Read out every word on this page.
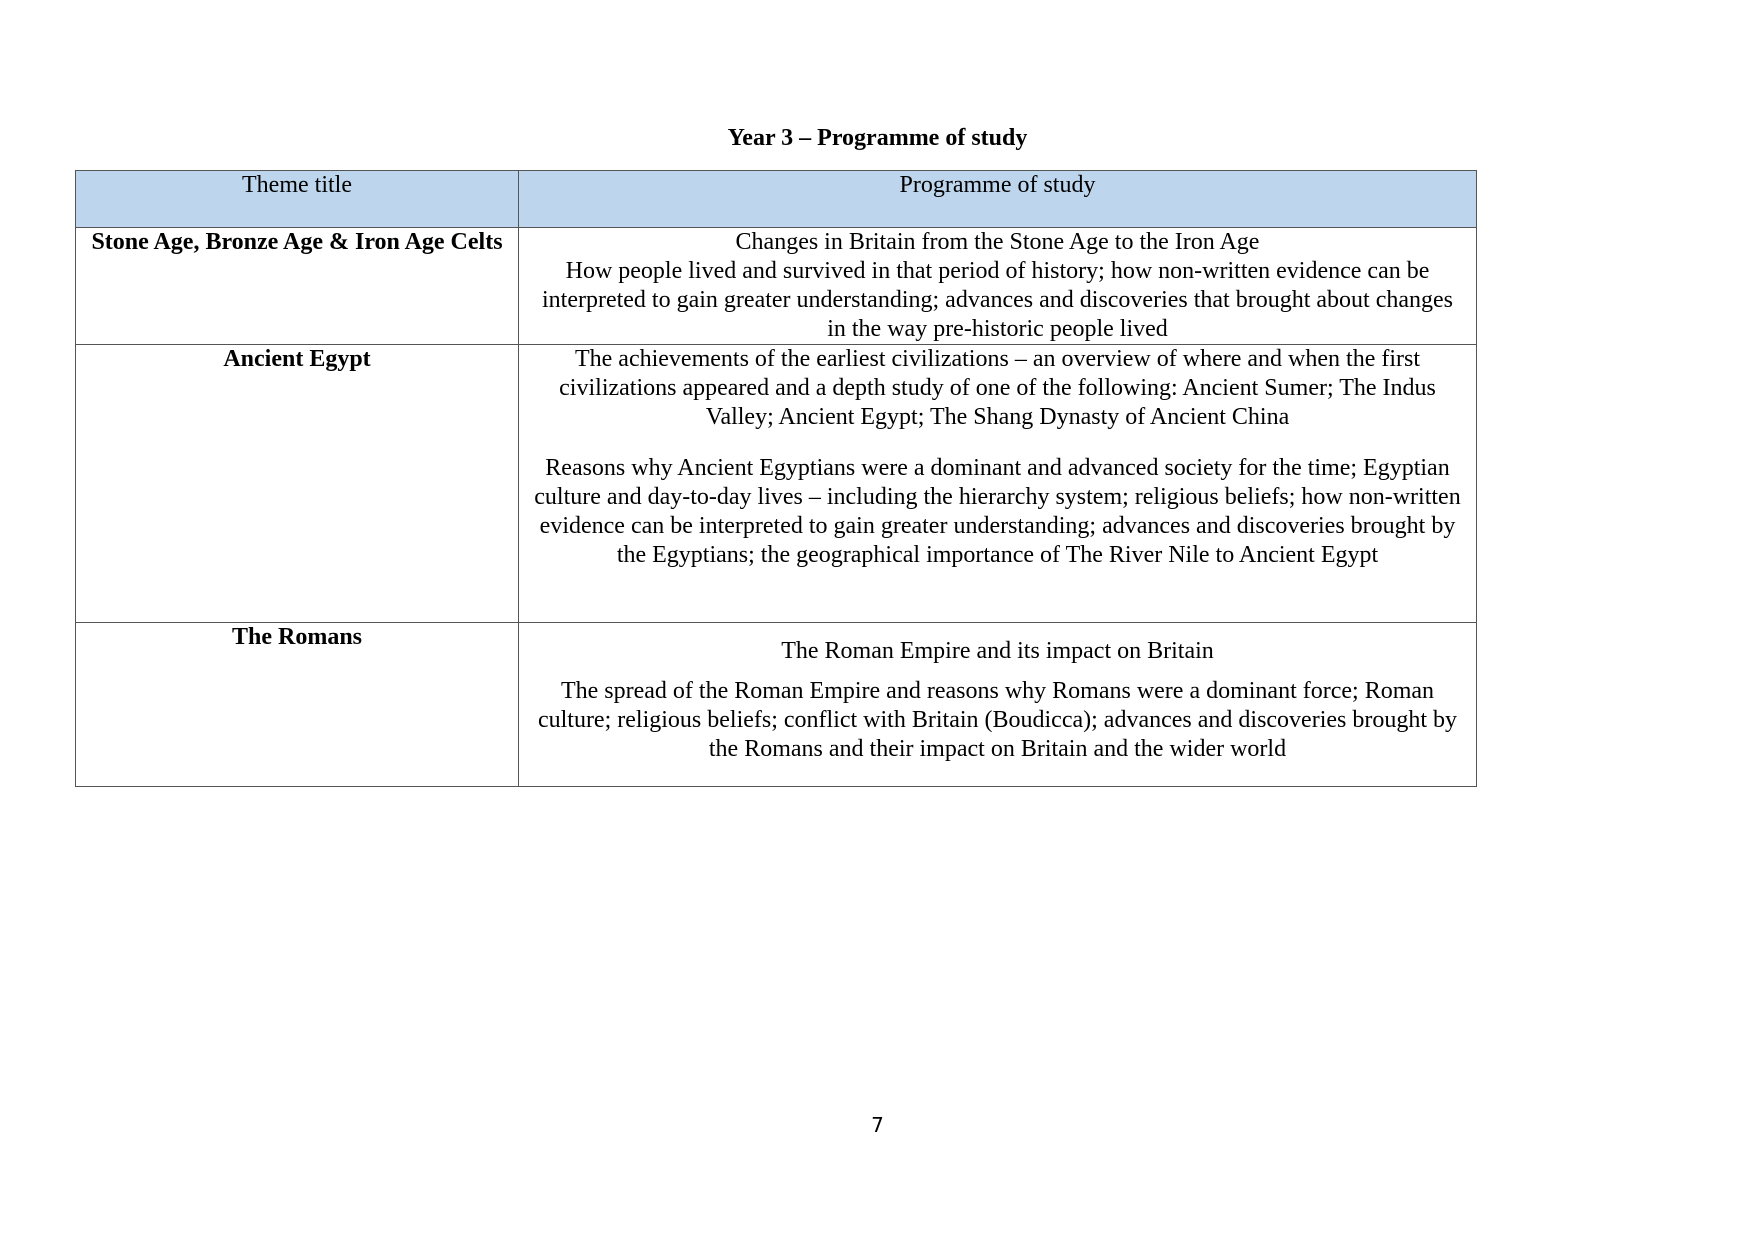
Year 3 – Programme of study
Theme title	Programme of study

Stone Age, Bronze Age & Iron Age Celts	Changes in Britain from the Stone Age to the Iron Age

How people lived and survived in that period of history; how non-written evidence can be interpreted to gain greater understanding; advances and discoveries that brought about changes in the way pre-historic people lived

Ancient Egypt	The achievements of the earliest civilizations – an overview of where and when the first civilizations appeared and a depth study of one of the following: Ancient Sumer; The Indus Valley; Ancient Egypt; The Shang Dynasty of Ancient China

Reasons why Ancient Egyptians were a dominant and advanced society for the time; Egyptian culture and day-to-day lives – including the hierarchy system; religious beliefs; how non-written evidence can be interpreted to gain greater understanding; advances and discoveries brought by the Egyptians; the geographical importance of The River Nile to Ancient Egypt

The Romans	The Roman Empire and its impact on Britain

The spread of the Roman Empire and reasons why Romans were a dominant force; Roman culture; religious beliefs; conflict with Britain (Boudicca); advances and discoveries brought by the Romans and their impact on Britain and the wider world

7
